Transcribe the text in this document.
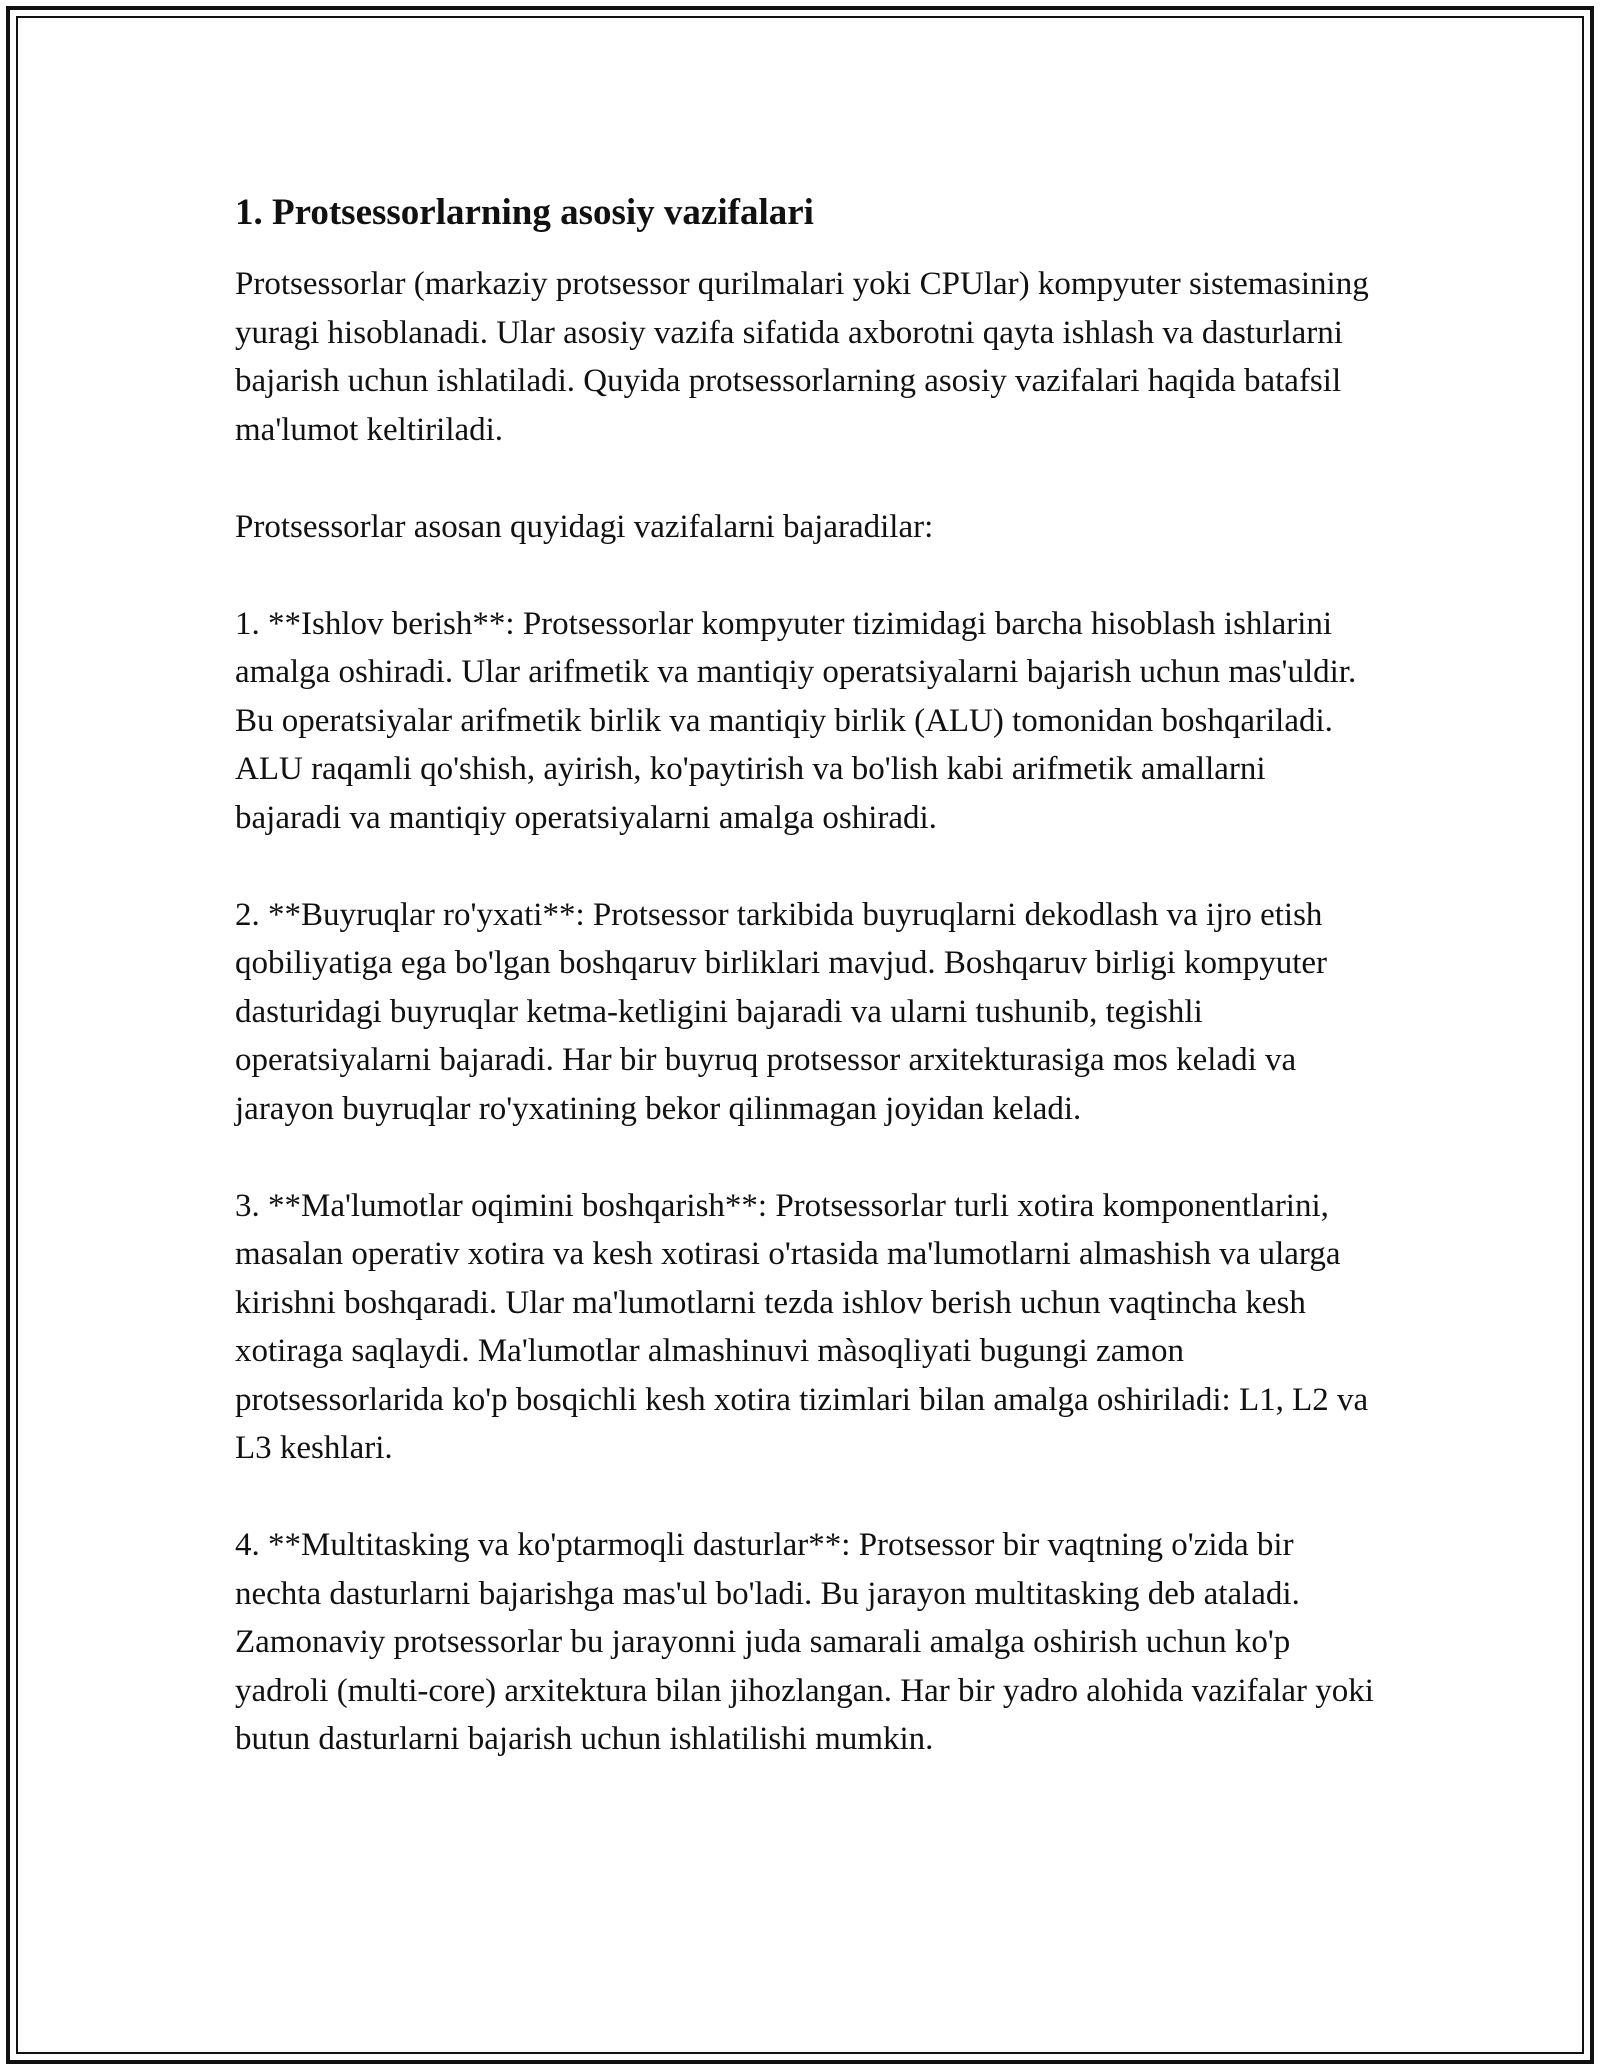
1. Protsessorlarning asosiy vazifalari

Protsessorlar (markaziy protsessor qurilmalari yoki CPUlar) kompyuter sistemasining yuragi hisoblanadi. Ular asosiy vazifa sifatida axborotni qayta ishlash va dasturlarni bajarish uchun ishlatiladi. Quyida protsessorlarning asosiy vazifalari haqida batafsil ma'lumot keltiriladi.

Protsessorlar asosan quyidagi vazifalarni bajaradilar:

1. **Ishlov berish**: Protsessorlar kompyuter tizimidagi barcha hisoblash ishlarini amalga oshiradi. Ular arifmetik va mantiqiy operatsiyalarni bajarish uchun mas'uldir. Bu operatsiyalar arifmetik birlik va mantiqiy birlik (ALU) tomonidan boshqariladi. ALU raqamli qo'shish, ayirish, ko'paytirish va bo'lish kabi arifmetik amallarni bajaradi va mantiqiy operatsiyalarni amalga oshiradi.

2. **Buyruqlar ro'yxati**: Protsessor tarkibida buyruqlarni dekodlash va ijro etish qobiliyatiga ega bo'lgan boshqaruv birliklari mavjud. Boshqaruv birligi kompyuter dasturidagi buyruqlar ketma-ketligini bajaradi va ularni tushunib, tegishli operatsiyalarni bajaradi. Har bir buyruq protsessor arxitekturasiga mos keladi va jarayon buyruqlar ro'yxatining bekor qilinmagan joyidan keladi.

3. **Ma'lumotlar oqimini boshqarish**: Protsessorlar turli xotira komponentlarini, masalan operativ xotira va kesh xotirasi o'rtasida ma'lumotlarni almashish va ularga kirishni boshqaradi. Ular ma'lumotlarni tezda ishlov berish uchun vaqtincha kesh xotiraga saqlaydi. Ma'lumotlar almashinuvi màsoqliyati bugungi zamon protsessorlarida ko'p bosqichli kesh xotira tizimlari bilan amalga oshiriladi: L1, L2 va L3 keshlari.

4. **Multitasking va ko'ptarmoqli dasturlar**: Protsessor bir vaqtning o'zida bir nechta dasturlarni bajarishga mas'ul bo'ladi. Bu jarayon multitasking deb ataladi. Zamonaviy protsessorlar bu jarayonni juda samarali amalga oshirish uchun ko'p yadroli (multi-core) arxitektura bilan jihozlangan. Har bir yadro alohida vazifalar yoki butun dasturlarni bajarish uchun ishlatilishi mumkin.
